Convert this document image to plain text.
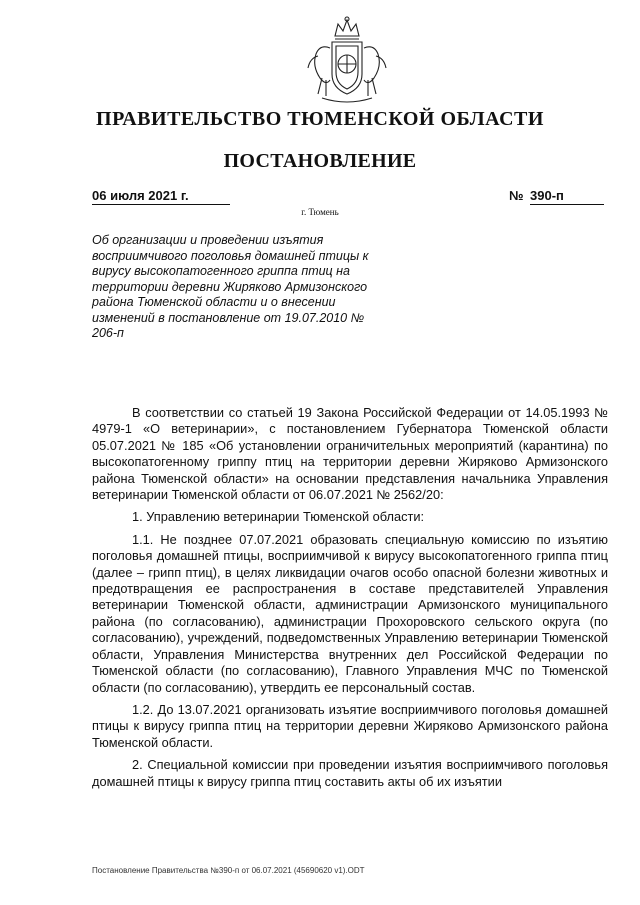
ПРАВИТЕЛЬСТВО ТЮМЕНСКОЙ ОБЛАСТИ
ПОСТАНОВЛЕНИЕ
06 июля 2021 г.	№ 390-п
г. Тюмень
Об организации и проведении изъятия восприимчивого поголовья домашней птицы к вирусу высокопатогенного гриппа птиц на территории деревни Жиряково Армизонского района Тюменской области и о внесении изменений в постановление от 19.07.2010 № 206-п

В соответствии со статьей 19 Закона Российской Федерации от 14.05.1993 № 4979-1 «О ветеринарии», с постановлением Губернатора Тюменской области 05.07.2021 № 185 «Об установлении ограничительных мероприятий (карантина) по высокопатогенному гриппу птиц на территории деревни Жиряково Армизонского района Тюменской области» на основании представления начальника Управления ветеринарии Тюменской области от 06.07.2021 № 2562/20:

1. Управлению ветеринарии Тюменской области:

1.1. Не позднее 07.07.2021 образовать специальную комиссию по изъятию поголовья домашней птицы, восприимчивой к вирусу высокопатогенного гриппа птиц (далее – грипп птиц), в целях ликвидации очагов особо опасной болезни животных и предотвращения ее распространения в составе представителей Управления ветеринарии Тюменской области, администрации Армизонского муниципального района (по согласованию), администрации Прохоровского сельского округа (по согласованию), учреждений, подведомственных Управлению ветеринарии Тюменской области, Управления Министерства внутренних дел Российской Федерации по Тюменской области (по согласованию), Главного Управления МЧС по Тюменской области (по согласованию), утвердить ее персональный состав.

1.2. До 13.07.2021 организовать изъятие восприимчивого поголовья домашней птицы к вирусу гриппа птиц на территории деревни Жиряково Армизонского района Тюменской области.

2. Специальной комиссии при проведении изъятия восприимчивого поголовья домашней птицы к вирусу гриппа птиц составить акты об их изъятии

Постановление Правительства №390-п от 06.07.2021 (45690620 v1).ODT
